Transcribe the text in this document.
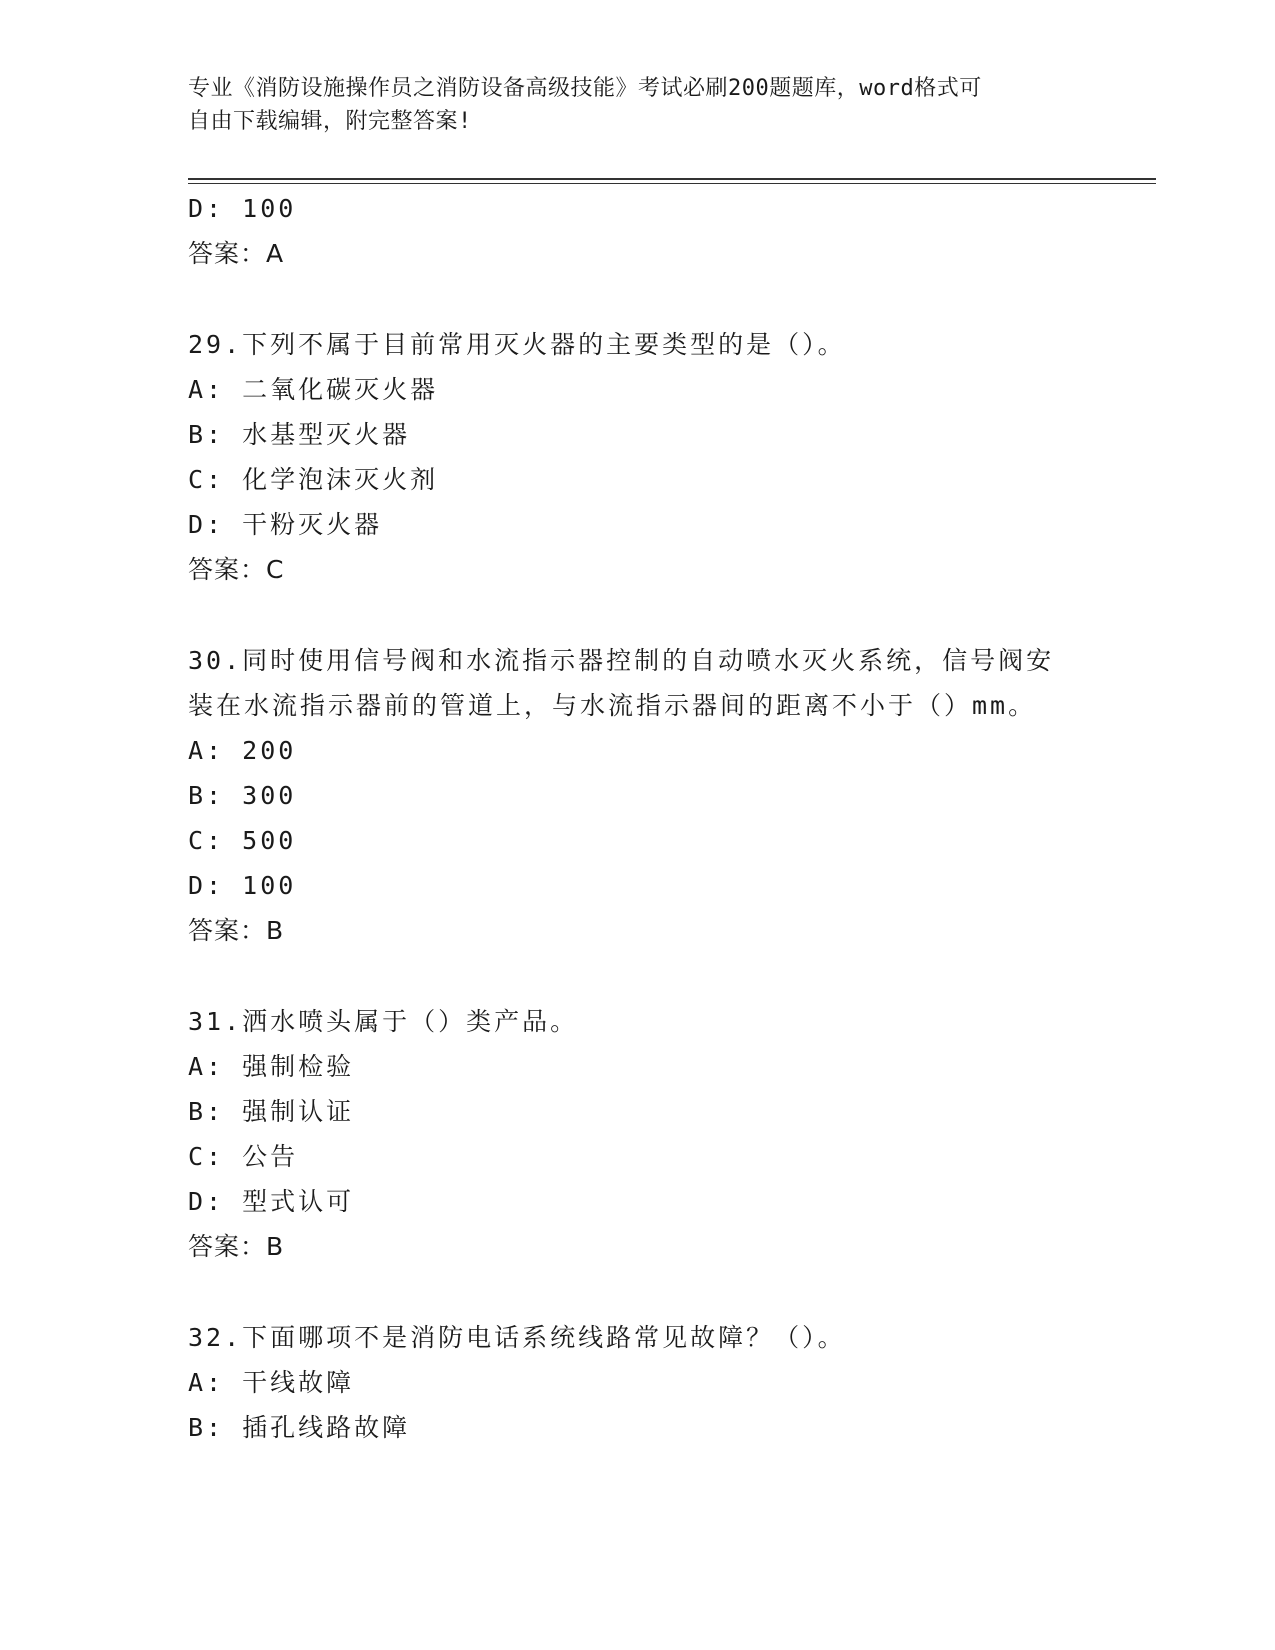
专业《消防设施操作员之消防设备高级技能》考试必刷200题题库，word格式可
自由下载编辑，附完整答案!
D: 100
答案：A
29.下列不属于目前常用灭火器的主要类型的是（）。
A: 二氧化碳灭火器
B: 水基型灭火器
C: 化学泡沫灭火剂
D: 干粉灭火器
答案：C
30.同时使用信号阀和水流指示器控制的自动喷水灭火系统，信号阀安
装在水流指示器前的管道上，与水流指示器间的距离不小于（）mm。
A: 200
B: 300
C: 500
D: 100
答案：B
31.洒水喷头属于（）类产品。
A: 强制检验
B: 强制认证
C: 公告
D: 型式认可
答案：B
32.下面哪项不是消防电话系统线路常见故障？（）。
A: 干线故障
B: 插孔线路故障
